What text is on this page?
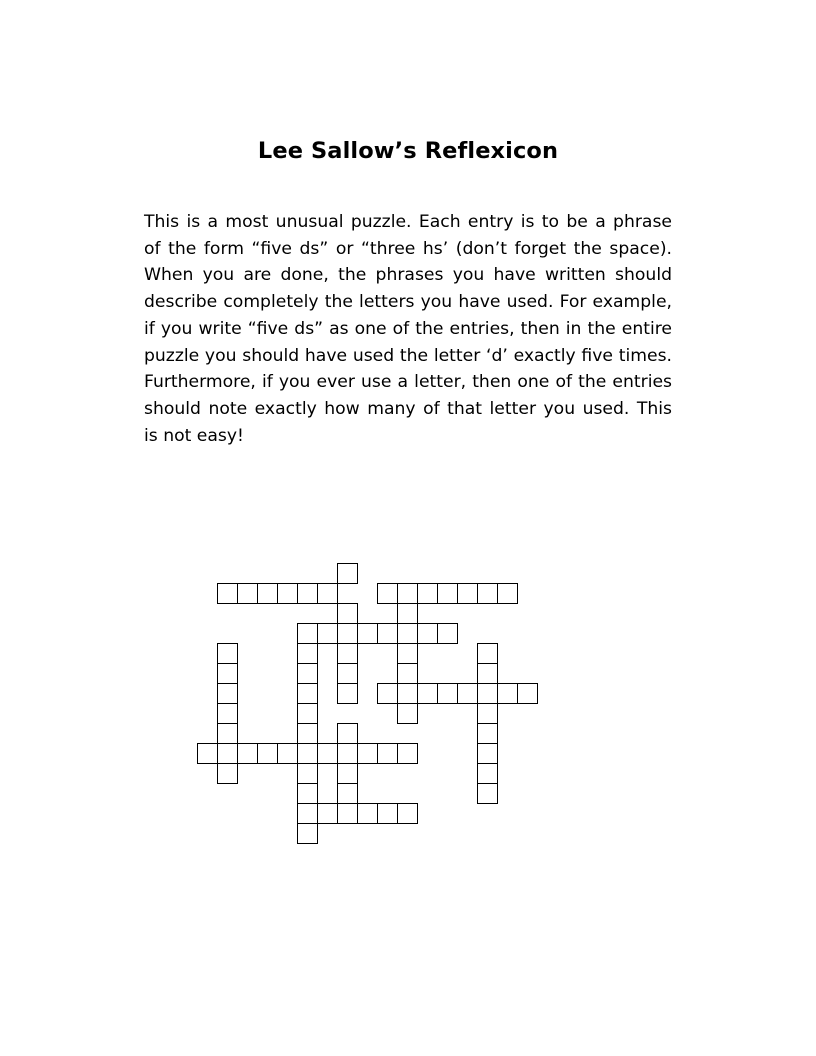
Lee Sallow’s Reflexicon
This is a most unusual puzzle. Each entry is to be a phrase
of the form “five ds” or “three hs’ (don’t forget the space).
When you are done, the phrases you have written should
describe completely the letters you have used. For example,
if you write “five ds” as one of the entries, then in the entire
puzzle you should have used the letter ‘d’ exactly five times.
Furthermore, if you ever use a letter, then one of the entries
should note exactly how many of that letter you used. This
is not easy!
